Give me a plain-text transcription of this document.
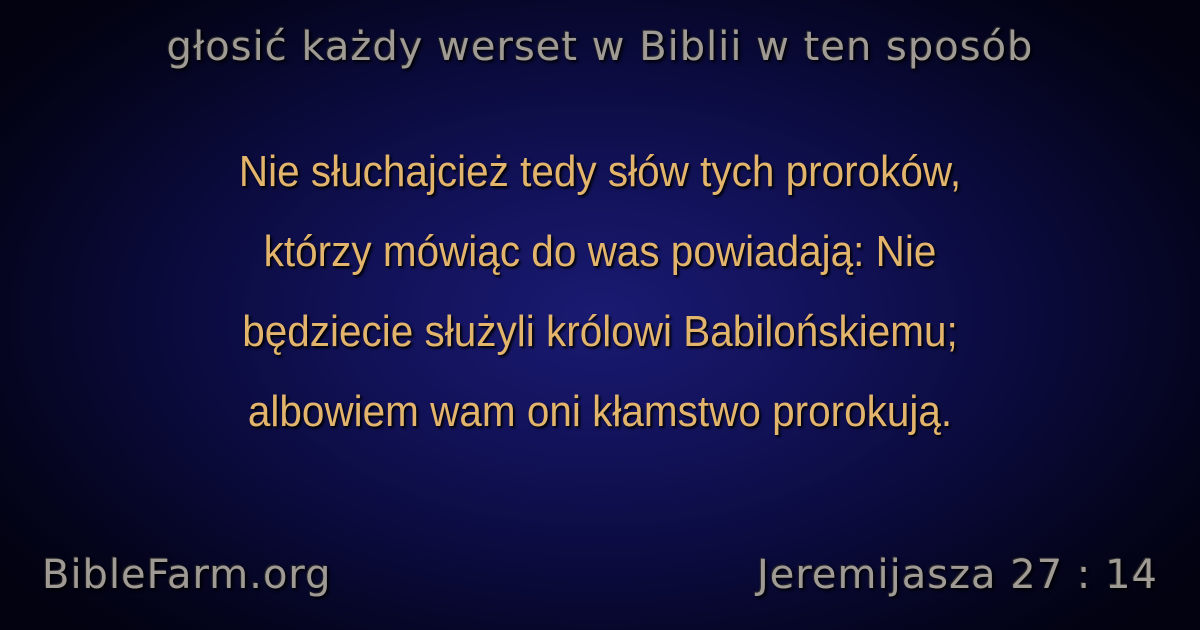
głosić każdy werset w Biblii w ten sposób
Nie słuchajcież tedy słów tych proroków,
którzy mówiąc do was powiadają: Nie
będziecie służyli królowi Babilońskiemu;
albowiem wam oni kłamstwo prorokują.
BibleFarm.org	Jeremijasza 27 : 14
